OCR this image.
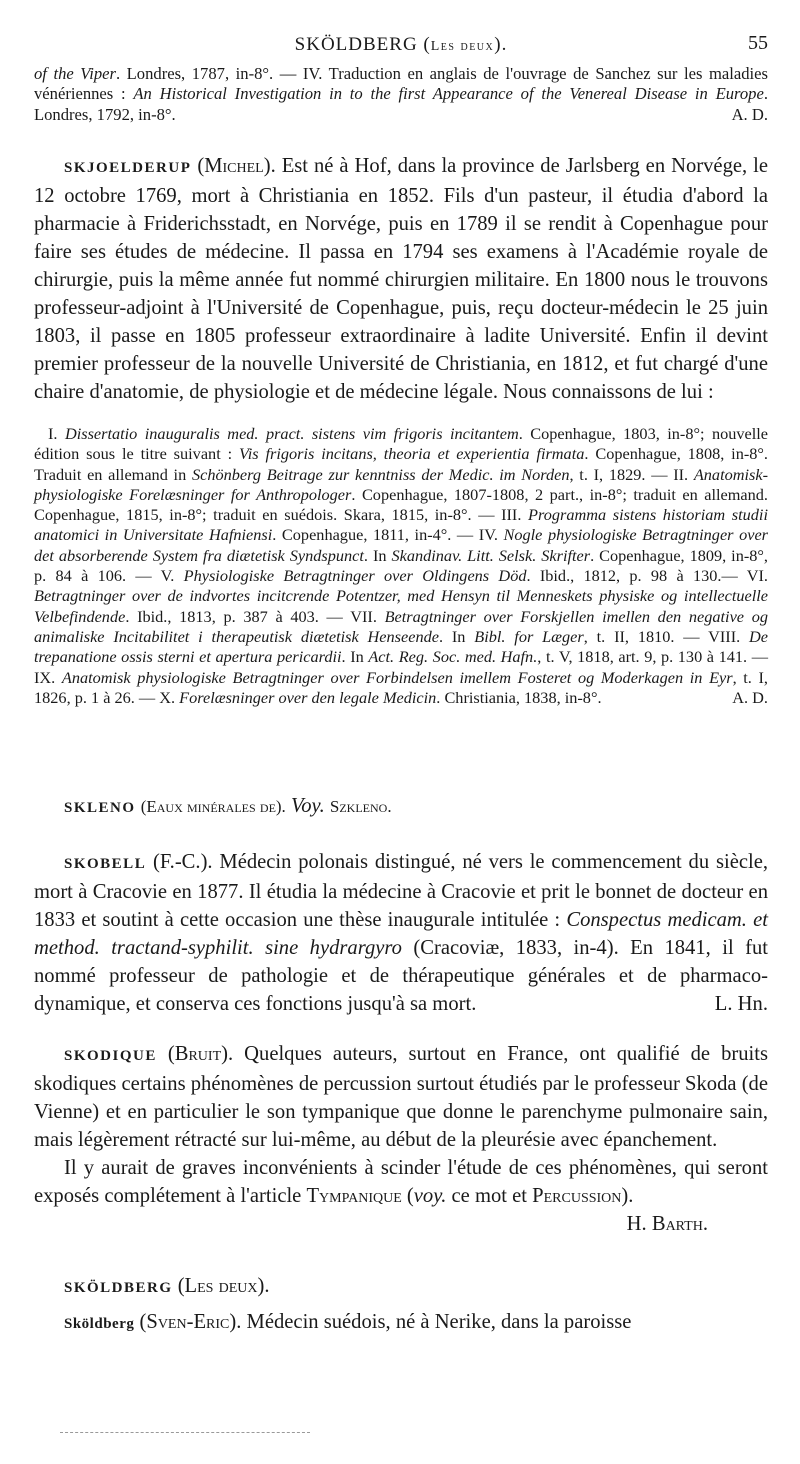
SKÖLDBERG (Les deux).	55

of the Viper. Londres, 1787, in-8°. — IV. Traduction en anglais de l'ouvrage de Sanchez sur les maladies vénériennes : An Historical Investigation in to the first Appearance of the Venereal Disease in Europe. Londres, 1792, in-8°.	A. D.

SKJOELDERUP (Michel). Est né à Hof, dans la province de Jarlsberg en Norvége, le 12 octobre 1769, mort à Christiania en 1852. Fils d'un pasteur, il étudia d'abord la pharmacie à Friderichsstadt, en Norvége, puis en 1789 il se rendit à Copenhague pour faire ses études de médecine. Il passa en 1794 ses examens à l'Académie royale de chirurgie, puis la même année fut nommé chirurgien militaire. En 1800 nous le trouvons professeur-adjoint à l'Université de Copenhague, puis, reçu docteur-médecin le 25 juin 1803, il passe en 1805 professeur extraordinaire à ladite Université. Enfin il devint premier professeur de la nouvelle Université de Christiania, en 1812, et fut chargé d'une chaire d'anatomie, de physiologie et de médecine légale. Nous connaissons de lui :

I. Dissertatio inauguralis med. pract. sistens vim frigoris incitantem. Copenhague, 1803, in-8°; nouvelle édition sous le titre suivant : Vis frigoris incitans, theoria et experientia firmata. Copenhague, 1808, in-8°. Traduit en allemand in Schönberg Beitrage zur kenntniss der Medic. im Norden, t. I, 1829. — II. Anatomisk-physiologiske Forelæsninger for Anthropologer. Copenhague, 1807-1808, 2 part., in-8°; traduit en allemand. Copenhague, 1815, in-8°; traduit en suédois. Skara, 1815, in-8°. — III. Programma sistens historiam studii anatomici in Universitate Hafniensi. Copenhague, 1811, in-4°. — IV. Nogle physiologiske Betragtninger over det absorberende System fra diætetisk Syndspunct. In Skandinav. Litt. Selsk. Skrifter. Copenhague, 1809, in-8°, p. 84 à 106. — V. Physiologiske Betragtninger over Oldingens Död. Ibid., 1812, p. 98 à 130.— VI. Betragtninger over de indvortes incitcrende Potentzer, med Hensyn til Menneskets physiske og intellectuelle Velbefindende. Ibid., 1813, p. 387 à 403. — VII. Betragtninger over Forskjellen imellen den negative og animaliske Incitabilitet i therapeutisk diætetisk Henseende. In Bibl. for Læger, t. II, 1810. — VIII. De trepanatione ossis sterni et apertura pericardii. In Act. Reg. Soc. med. Hafn., t. V, 1818, art. 9, p. 130 à 141. — IX. Anatomisk physiologiske Betragtninger over Forbindelsen imellem Fosteret og Moderkagen in Eyr, t. I, 1826, p. 1 à 26. — X. Forelæsninger over den legale Medicin. Christiania, 1838, in-8°.	A. D.

SKLENO (Eaux minérales de). Voy. Szkleno.

SKOBELL (F.-C.). Médecin polonais distingué, né vers le commencement du siècle, mort à Cracovie en 1877. Il étudia la médecine à Cracovie et prit le bonnet de docteur en 1833 et soutint à cette occasion une thèse inaugurale intitulée : Conspectus medicam. et method. tractand-syphilit. sine hydrargyro (Cracoviæ, 1833, in-4). En 1841, il fut nommé professeur de pathologie et de thérapeutique générales et de pharmaco-dynamique, et conserva ces fonctions jusqu'à sa mort.	L. Hn.

SKODIQUE (Bruit). Quelques auteurs, surtout en France, ont qualifié de bruits skodiques certains phénomènes de percussion surtout étudiés par le professeur Skoda (de Vienne) et en particulier le son tympanique que donne le parenchyme pulmonaire sain, mais légèrement rétracté sur lui-même, au début de la pleurésie avec épanchement.

Il y aurait de graves inconvénients à scinder l'étude de ces phénomènes, qui seront exposés complétement à l'article Tympanique (voy. ce mot et Percussion).

H. Barth.

SKÖLDBERG (Les deux).

Sköldberg (Sven-Eric). Médecin suédois, né à Nerike, dans la paroisse
